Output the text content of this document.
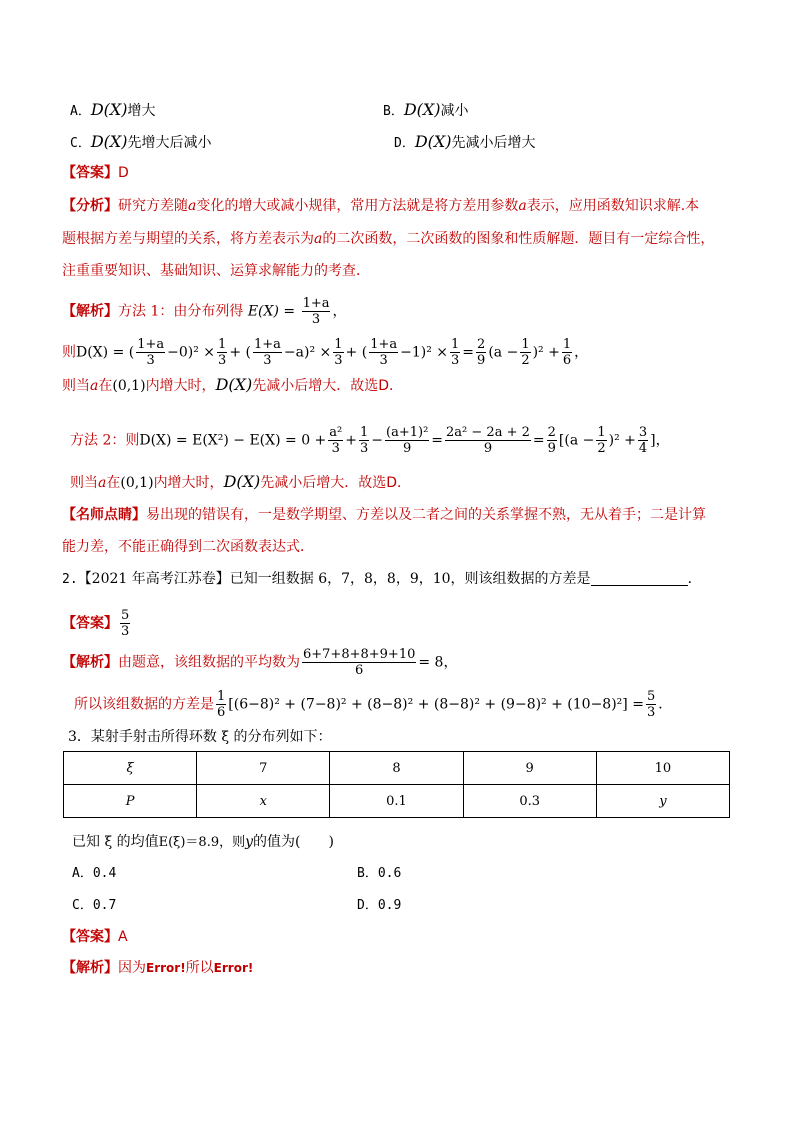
A．D(X)增大	B．D(X)减小
C．D(X)先增大后减小	D．D(X)先减小后增大
【答案】D
【分析】研究方差随a变化的增大或减小规律，常用方法就是将方差用参数a表示，应用函数知识求解.本
题根据方差与期望的关系，将方差表示为a的二次函数，二次函数的图象和性质解题．题目有一定综合性，
注重重要知识、基础知识、运算求解能力的考查．
【解析】方法 1：由分布列得 $E(X) = \frac{1+a}{3}$ ，
则D(X) = ( $\frac{1+a}{3} -0)^2 \times \frac{1}{3}$ + ( $\frac{1+a}{3} -a)^2 \times \frac{1}{3}$ + ( $\frac{1+a}{3} -1)^2 \times \frac{1}{3} = \frac{2}{9} (a - \frac{1}{2} )^2 + \frac{1}{6}$ ，
则当a在(0,1)内增大时，D(X)先减小后增大．故选D．
方法 2：则$D(X) = E(X^2) - E(X) = 0 + \frac{\text{a²}}{3} + \frac{1}{3} - \frac{\text{(a+1)²}}{9} = \frac{\text{2a² − 2a + 2}}{9} = \frac{2}{9} [(a - \frac{1}{2} )^2 + \frac{3}{4}$ ]，
则当a在(0,1)内增大时，D(X)先减小后增大．故选D．
【名师点睛】易出现的错误有，一是数学期望、方差以及二者之间的关系掌握不熟，无从着手；二是计算
能力差，不能正确得到二次函数表达式．
2.【2021 年高考江苏卷】已知一组数据 6，7，8，8，9，10，则该组数据的方差是	．
【答案】 $\frac{5}{3}$
【解析】由题意，该组数据的平均数为 $\frac{6+7+8+8+9+10}{6} = 8$，
所以该组数据的方差是 $\frac{1}{6} [(6-8)^2 + (7-8)^2 + (8-8)^2 + (8-8)^2 + (9-8)^2 + (10-8)^2] = \frac{5}{3}$ ．
3．某射手射击所得环数 ξ 的分布列如下：
ξ	7	8	9	10
P	x	0.1	0.3	y
已知 ξ 的均值E(ξ)＝8.9，则y的值为(　　)
A．0.4	B．0.6
C．0.7	D．0.9
【答案】A
【解析】因为Error!所以Error!
